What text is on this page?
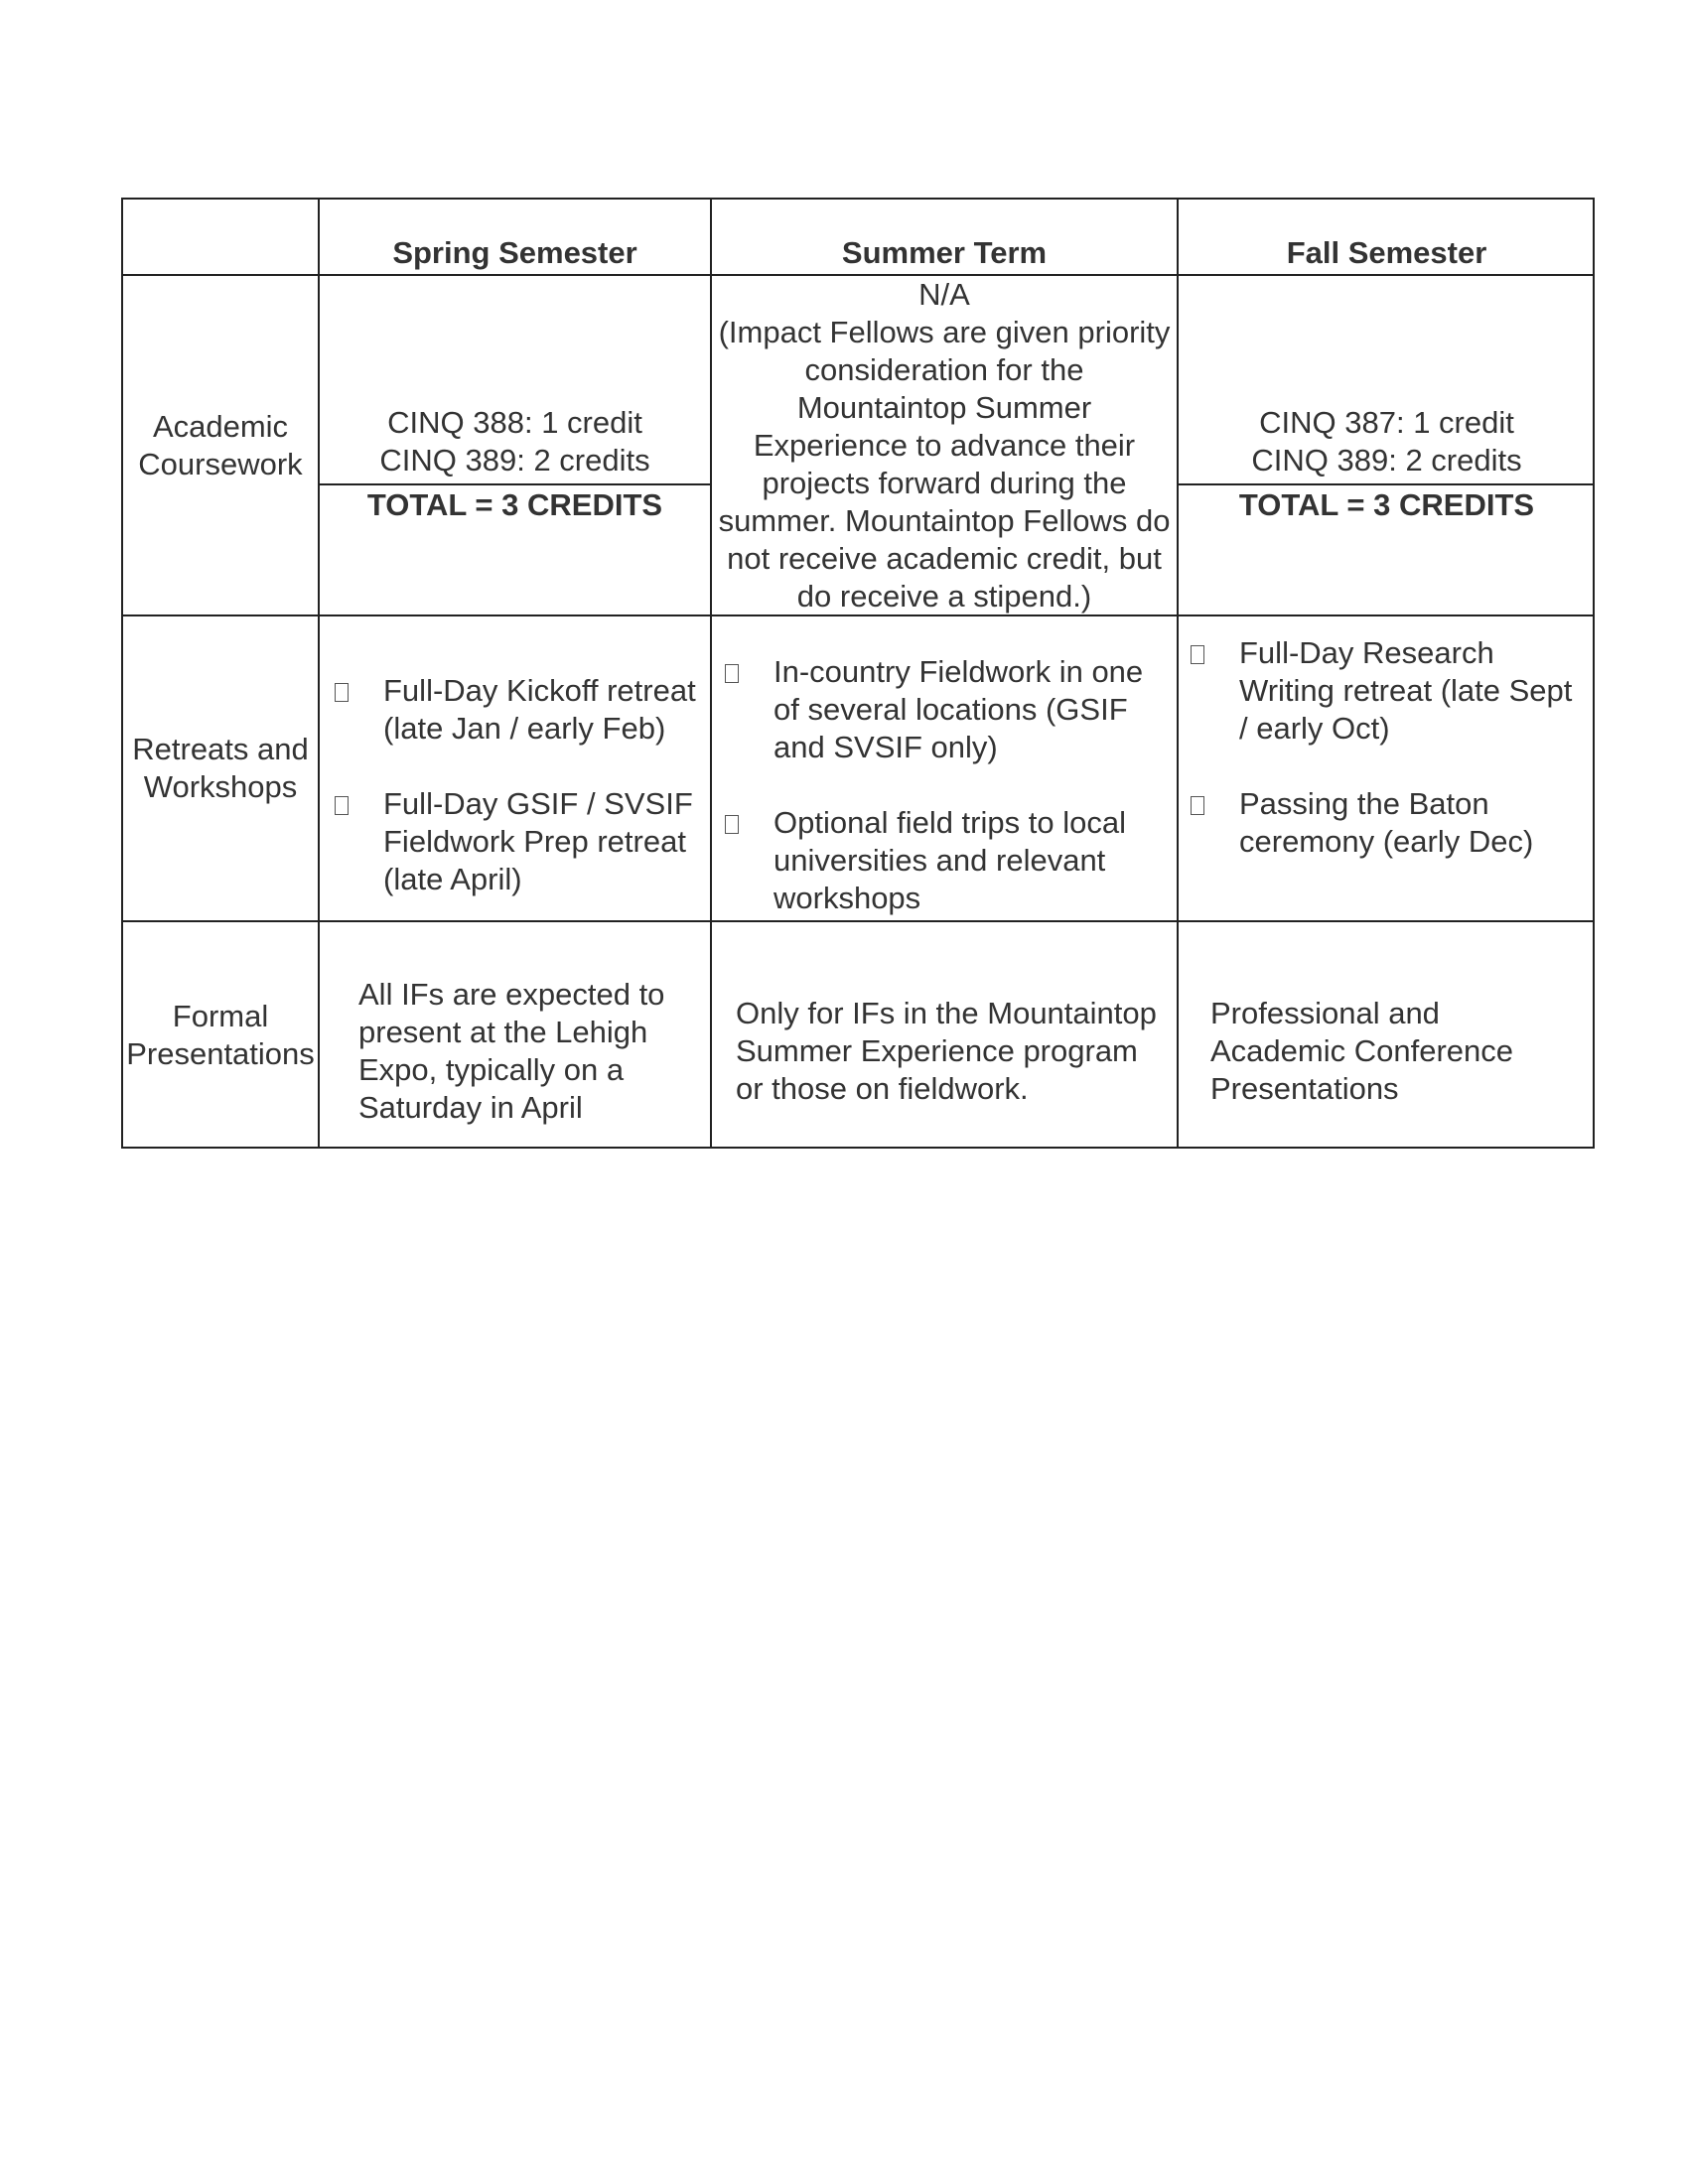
Spring Semester	Summer Term	Fall Semester
Academic
Coursework
CINQ 388: 1 credit
CINQ 389: 2 credits
TOTAL = 3 CREDITS
N/A
(Impact Fellows are given priority
consideration for the
Mountaintop Summer
Experience to advance their
projects forward during the
summer. Mountaintop Fellows do
not receive academic credit, but
do receive a stipend.)
CINQ 387: 1 credit
CINQ 389: 2 credits
TOTAL = 3 CREDITS
Retreats and
Workshops
Full-Day Kickoff retreat
(late Jan / early Feb)
Full-Day GSIF / SVSIF
Fieldwork Prep retreat
(late April)
In-country Fieldwork in one
of several locations (GSIF
and SVSIF only)
Optional field trips to local
universities and relevant
workshops
Full-Day Research
Writing retreat (late Sept
/ early Oct)
Passing the Baton
ceremony (early Dec)
Formal
Presentations
All IFs are expected to
present at the Lehigh
Expo, typically on a
Saturday in April
Only for IFs in the Mountaintop
Summer Experience program
or those on fieldwork.
Professional and
Academic Conference
Presentations
